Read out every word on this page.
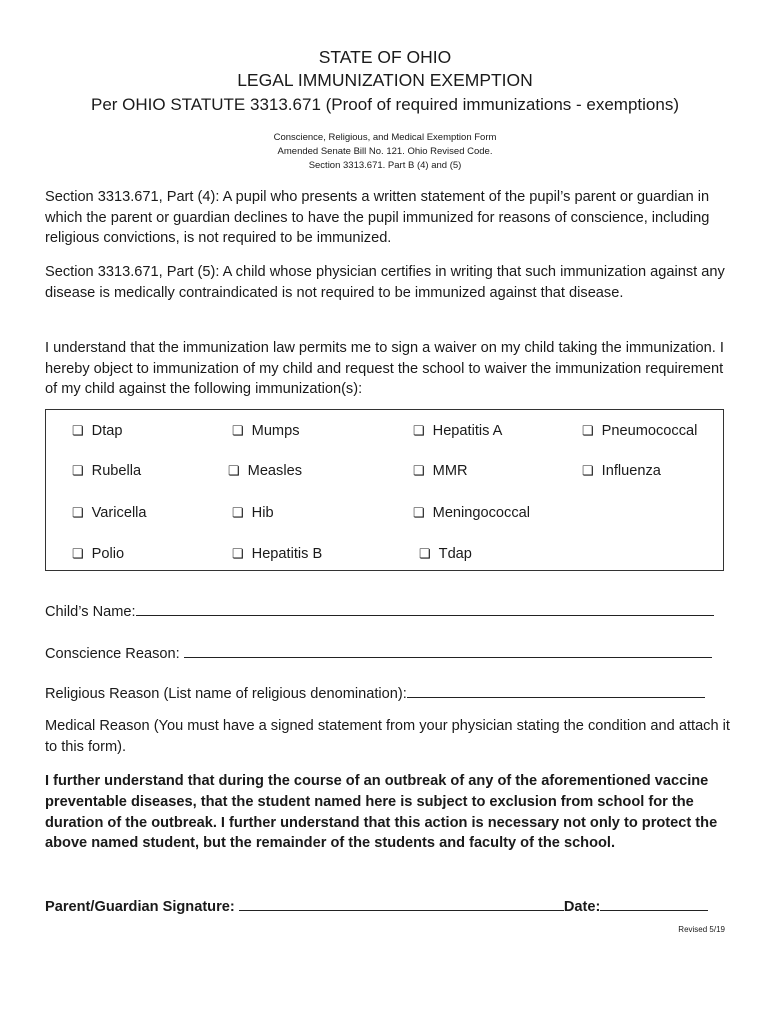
STATE OF OHIO
LEGAL IMMUNIZATION EXEMPTION
Per OHIO STATUTE 3313.671 (Proof of required immunizations - exemptions)
Conscience, Religious, and Medical Exemption Form
Amended Senate Bill No. 121. Ohio Revised Code.
Section 3313.671. Part B (4) and (5)

Section 3313.671, Part (4): A pupil who presents a written statement of the pupil’s parent or guardian in which the parent or guardian declines to have the pupil immunized for reasons of conscience, including religious convictions, is not required to be immunized.

Section 3313.671, Part (5): A child whose physician certifies in writing that such immunization against any disease is medically contraindicated is not required to be immunized against that disease.

I understand that the immunization law permits me to sign a waiver on my child taking the immunization. I hereby object to immunization of my child and request the school to waiver the immunization requirement of my child against the following immunization(s):

❏ Dtap	❏ Mumps	❏ Hepatitis A	❏ Pneumococcal
❏ Rubella	❏ Measles	❏ MMR	❏ Influenza
❏ Varicella	❏ Hib	❏ Meningococcal
❏ Polio	❏ Hepatitis B	❏ Tdap
Child’s Name:
Conscience Reason:
Religious Reason (List name of religious denomination):

Medical Reason (You must have a signed statement from your physician stating the condition and attach it to this form).

I further understand that during the course of an outbreak of any of the aforementioned vaccine preventable diseases, that the student named here is subject to exclusion from school for the duration of the outbreak. I further understand that this action is necessary not only to protect the above named student, but the remainder of the students and faculty of the school.

Parent/Guardian Signature:	Date:
Revised 5/19
